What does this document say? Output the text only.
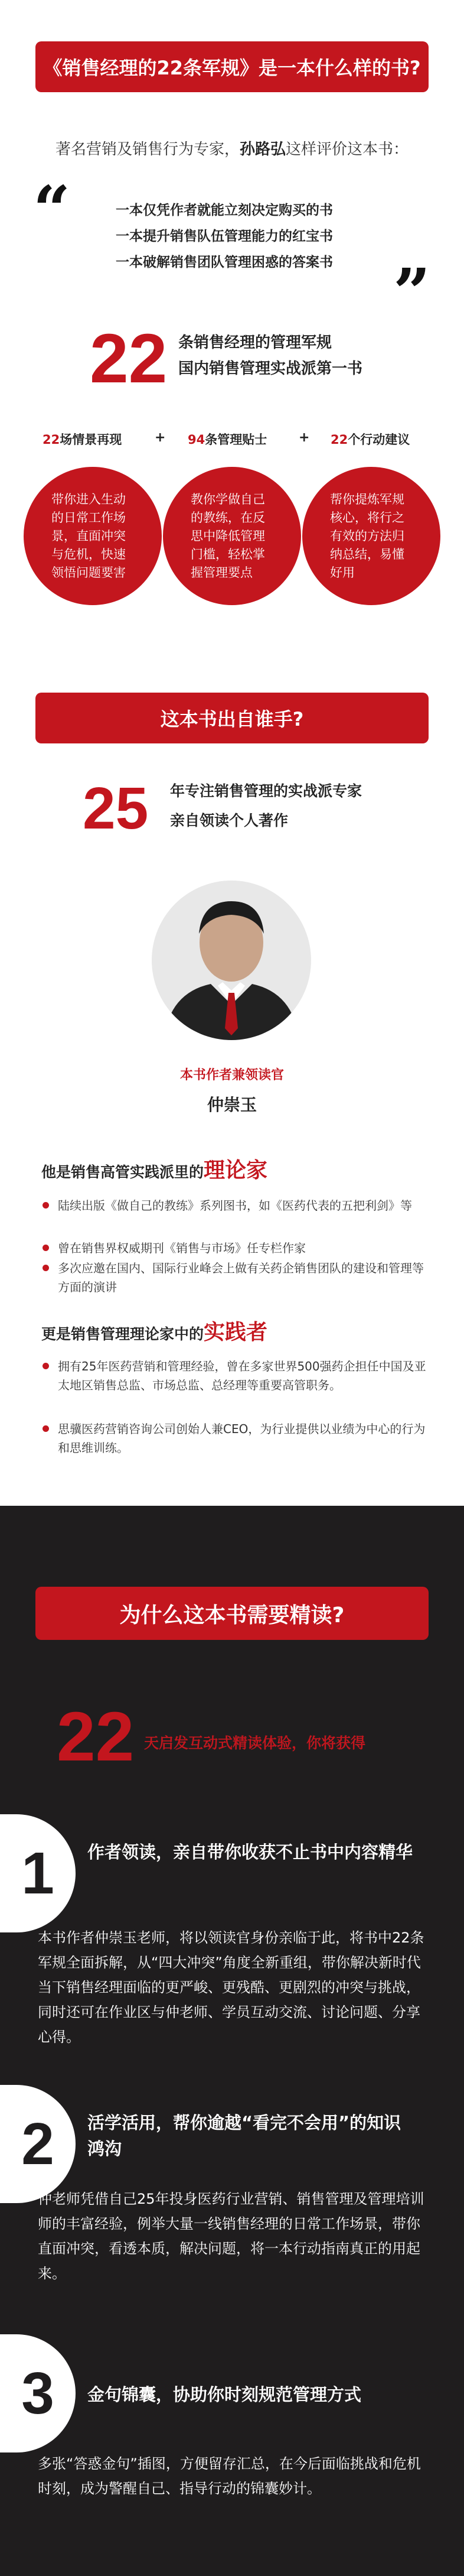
《销售经理的22条军规》是一本什么样的书?
著名营销及销售行为专家，孙路弘这样评价这本书：
“	一本仅凭作者就能立刻决定购买的书
一本提升销售队伍管理能力的红宝书
一本破解销售团队管理困惑的答案书 ”
22 条销售经理的管理军规
国内销售管理实战派第一书
22场情景再现	+ 94条管理贴士 + 22个行动建议
带你进入生动的日常工作场景，直面冲突与危机，快速领悟问题要害
教你学做自己的教练，在反思中降低管理门槛，轻松掌握管理要点
帮你提炼军规核心，将行之有效的方法归纳总结，易懂好用
这本书出自谁手?
25 年专注销售管理的实战派专家
亲自领读个人著作
本书作者兼领读官
仲崇玉
他是销售高管实践派里的理论家
陆续出版《做自己的教练》系列图书，如《医药代表的五把利剑》等
曾在销售界权威期刊《销售与市场》任专栏作家
多次应邀在国内、国际行业峰会上做有关药企销售团队的建设和管理等方面的演讲
更是销售管理理论家中的实践者
拥有25年医药营销和管理经验，曾在多家世界500强药企担任中国及亚太地区销售总监、市场总监、总经理等重要高管职务。
思骥医药营销咨询公司创始人兼CEO，为行业提供以业绩为中心的行为和思维训练。
为什么这本书需要精读?
22 天启发互动式精读体验，你将获得
1 作者领读，亲自带你收获不止书中内容精华
本书作者仲崇玉老师，将以领读官身份亲临于此，将书中22条军规全面拆解，从“四大冲突”角度全新重组，带你解决新时代当下销售经理面临的更严峻、更残酷、更剧烈的冲突与挑战，同时还可在作业区与仲老师、学员互动交流、讨论问题、分享心得。
2 活学活用，帮你逾越“看完不会用”的知识鸿沟
仲老师凭借自己25年投身医药行业营销、销售管理及管理培训师的丰富经验，例举大量一线销售经理的日常工作场景，带你直面冲突，看透本质，解决问题，将一本行动指南真正的用起来。
3 金句锦囊，协助你时刻规范管理方式
多张“答惑金句”插图，方便留存汇总，在今后面临挑战和危机时刻，成为警醒自己、指导行动的锦囊妙计。
